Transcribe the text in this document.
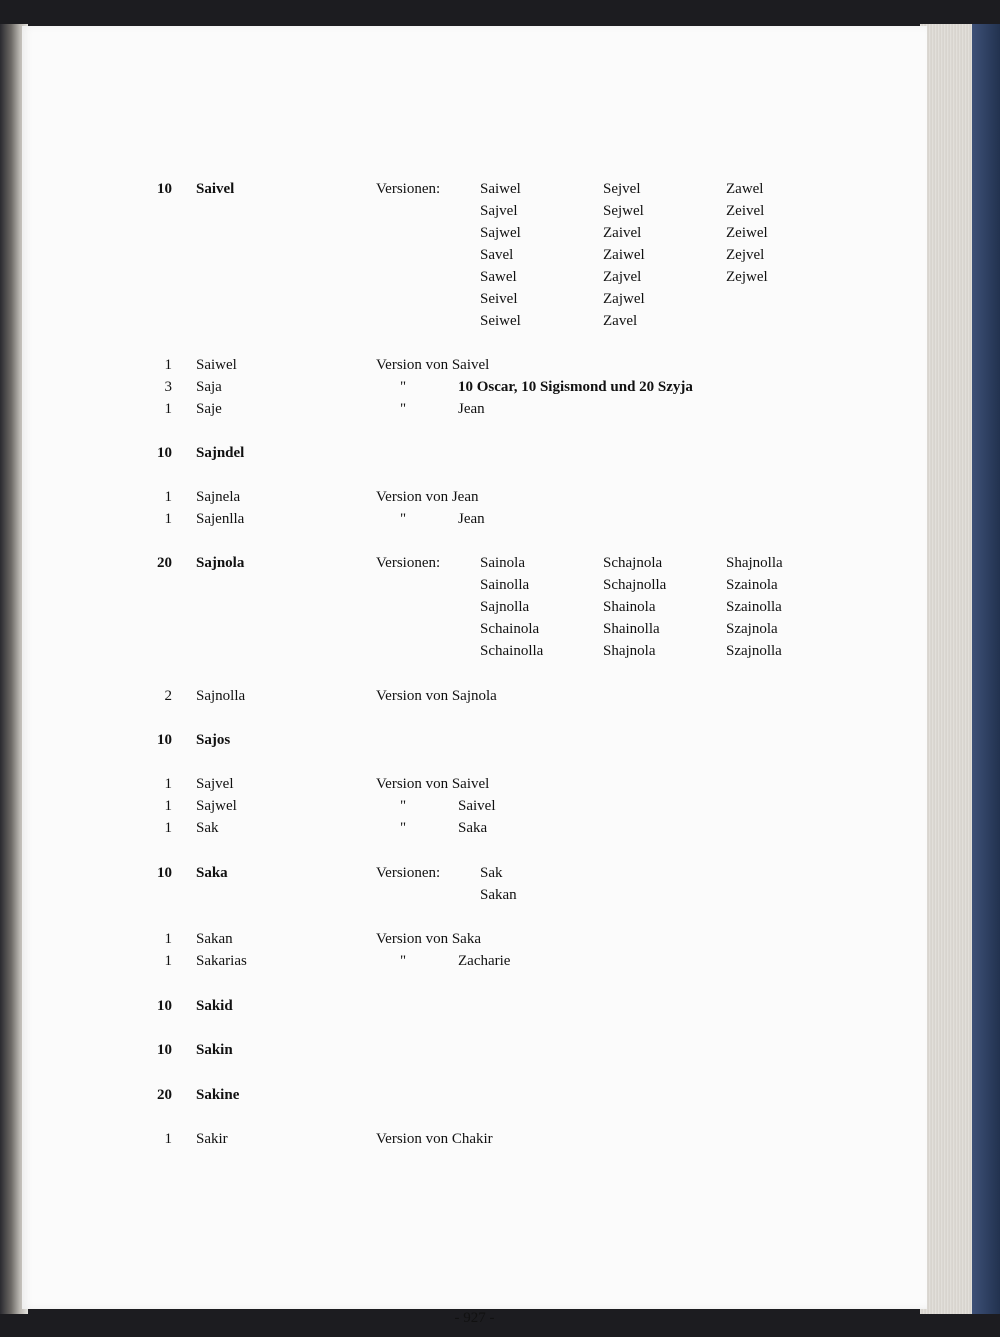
10 Saivel	Versionen:	Saiwel	Sejvel	Zawel
Sajvel	Sejwel	Zeivel
Sajwel	Zaivel	Zeiwel
Savel	Zaiwel	Zejvel
Sawel	Zajvel	Zejwel
Seivel	Zajwel
Seiwel	Zavel
1 Saiwel	Version von Saivel
3 Saja	"	10 Oscar, 10 Sigismond und 20 Szyja
1 Saje	"	Jean
10 Sajndel
1 Sajnela	Version von Jean
1 Sajenlla	"	Jean
20 Sajnola	Versionen:	Sainola	Schajnola	Shajnolla
Sainolla	Schajnolla	Szainola
Sajnolla	Shainola	Szainolla
Schainola	Shainolla	Szajnola
Schainolla	Shajnola	Szajnolla
2 Sajnolla	Version von Sajnola
10 Sajos
1 Sajvel	Version von Saivel
1 Sajwel	"	Saivel
1 Sak	"	Saka
10 Saka	Versionen:	Sak
Sakan
1 Sakan	Version von Saka
1 Sakarias	"	Zacharie
10 Sakid
10 Sakin
20 Sakine
1 Sakir	Version von Chakir
- 927 -
